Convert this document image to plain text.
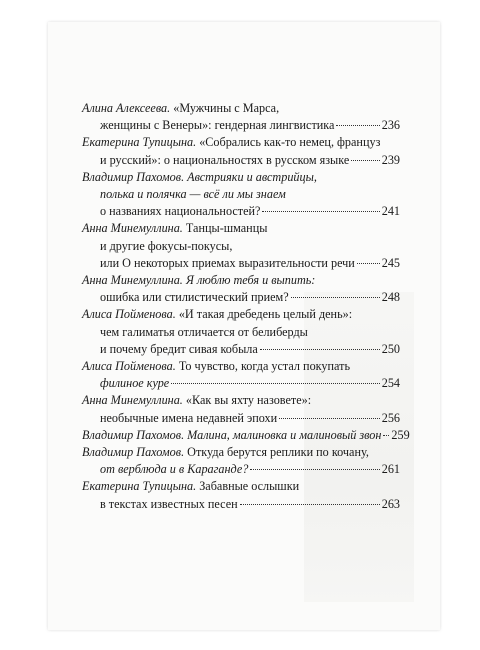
Алина Алексеева. «Мужчины с Марса,
женщины с Венеры»: гендерная лингвистика	236
Екатерина Тупицына. «Собрались как-то немец, француз
и русский»: о национальностях в русском языке	239
Владимир Пахомов. Австрияки и австрийцы,
полька и полячка — всё ли мы знаем
о названиях национальностей?	241
Анна Минемуллина. Танцы-шманцы
и другие фокусы-покусы,
или О некоторых приемах выразительности речи 245
Анна Минемуллина. Я люблю тебя и выпить:
ошибка или стилистический прием?	248
Алиса Пойменова. «И такая дребедень целый день»:
чем галиматья отличается от белиберды
и почему бредит сивая кобыла	250
Алиса Пойменова. То чувство, когда устал покупать
филиное куре	254
Анна Минемуллина. «Как вы яхту назовете»:
необычные имена недавней эпохи	256
Владимир Пахомов. Малина, малиновка и малиновый звон 259
Владимир Пахомов. Откуда берутся реплики по кочану,
от верблюда и в Караганде?	261
Екатерина Тупицына. Забавные ослышки
в текстах известных песен	263
